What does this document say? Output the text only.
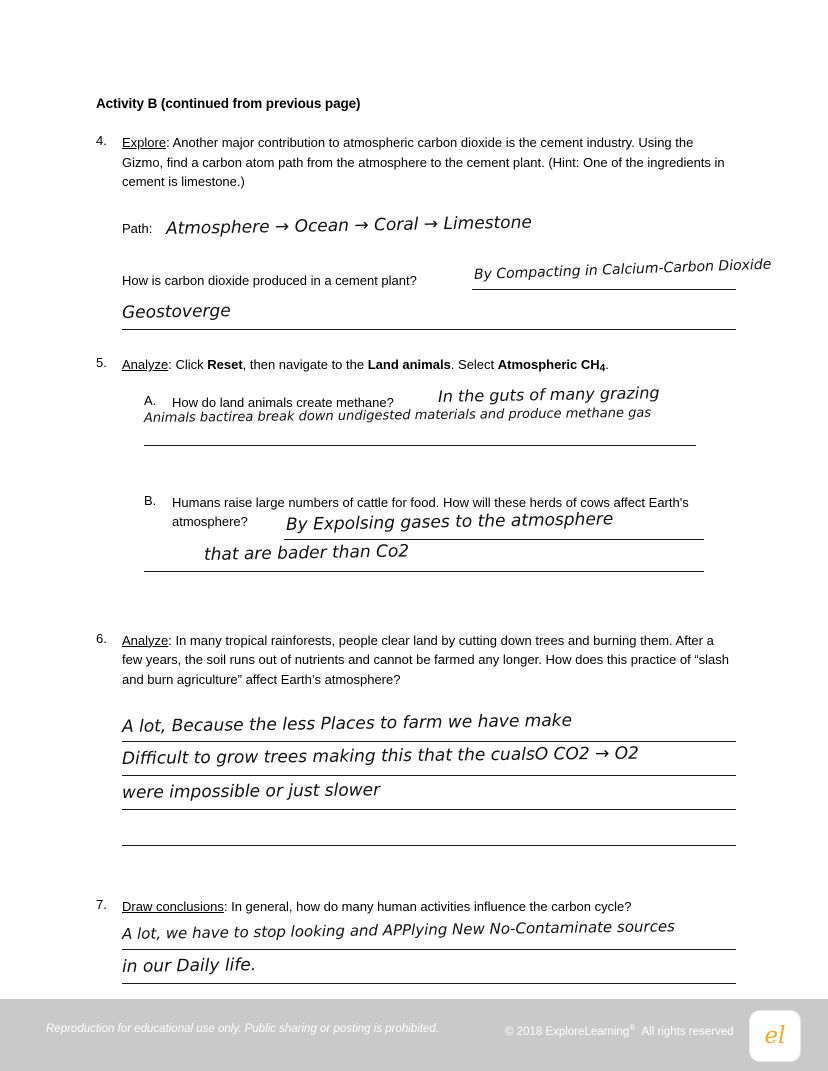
Activity B (continued from previous page)
4.	Explore: Another major contribution to atmospheric carbon dioxide is the cement industry. Using the Gizmo, find a carbon atom path from the atmosphere to the cement plant. (Hint: One of the ingredients in cement is limestone.)
Path: Atmosphere → Ocean → Coral → Limestone
How is carbon dioxide produced in a cement plant?	By Compacting in Calcium-Carbon Dioxide
Geostoverge
5.	Analyze: Click Reset, then navigate to the Land animals. Select Atmospheric $CH_4$.
A. How do land animals create methane?	In the guts of many grazing
Animals bactirea break down undigested materials and produce methane gas
B. Humans raise large numbers of cattle for food. How will these herds of cows affect Earth's atmosphere?	By Expolsing gases to the atmosphere
that are bader than Co2
6.	Analyze: In many tropical rainforests, people clear land by cutting down trees and burning them. After a few years, the soil runs out of nutrients and cannot be farmed any longer. How does this practice of “slash and burn agriculture” affect Earth’s atmosphere?
A lot, Because the less Places to farm we have make
Difficult to grow trees making this that the cualsO CO2 → O2
were impossible or just slower
7.	Draw conclusions: In general, how do many human activities influence the carbon cycle?
A lot, we have to stop looking and APPlying New No-Contaminate sources
in our Daily life.
Reproduction for educational use only. Public sharing or posting is prohibited.	© 2018 ExploreLearning® All rights reserved	el
